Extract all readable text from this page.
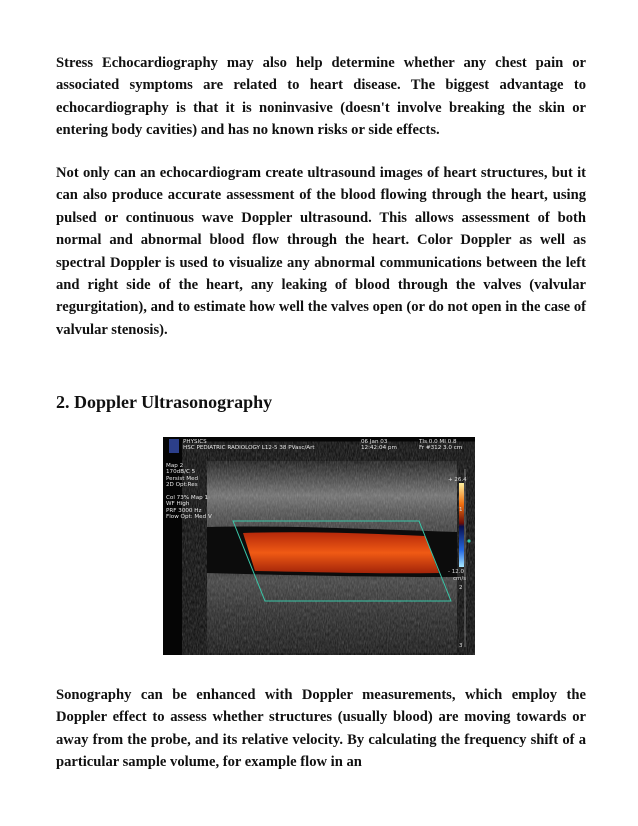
Stress Echocardiography may also help determine whether any chest pain or associated symptoms are related to heart disease. The biggest advantage to echocardiography is that it is noninvasive (doesn't involve breaking the skin or entering body cavities) and has no known risks or side effects.

Not only can an echocardiogram create ultrasound images of heart structures, but it can also produce accurate assessment of the blood flowing through the heart, using pulsed or continuous wave Doppler ultrasound. This allows assessment of both normal and abnormal blood flow through the heart. Color Doppler as well as spectral Doppler is used to visualize any abnormal communications between the left and right side of the heart, any leaking of blood through the valves (valvular regurgitation), and to estimate how well the valves open (or do not open in the case of valvular stenosis).

2. Doppler Ultrasonography
PHYSICS
HSC PEDIATRIC RADIOLOGY L12-5 38 PVasc/Art
06 Jan 03
12:42:04 pm
TIs 0.0 MI 0.8
Fr #312 3.0 cm
Map 2
170dB/C 5
Persist Med
2D Opt:Res

Col 73% Map 1
WF High
PRF 3000 Hz
Flow Opt: Med V
+ 26.4
- 12.0
cm/s
1
2
3

Sonography can be enhanced with Doppler measurements, which employ the Doppler effect to assess whether structures (usually blood) are moving towards or away from the probe, and its relative velocity. By calculating the frequency shift of a particular sample volume, for example flow in an
